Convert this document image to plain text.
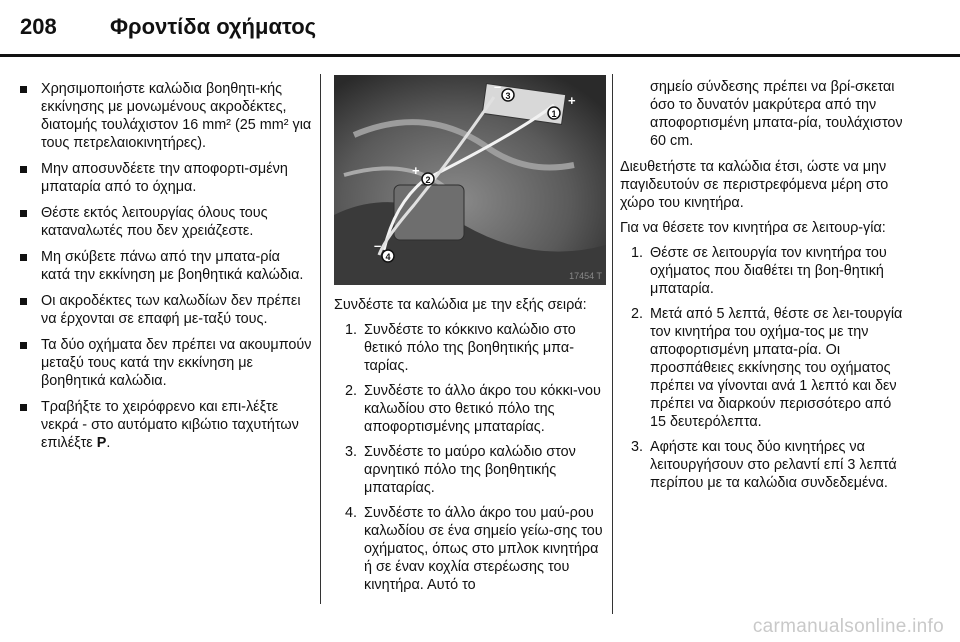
208	Φροντίδα οχήματος
Χρησιμοποιήστε καλώδια βοηθητι-κής εκκίνησης με μονωμένους ακροδέκτες, διατομής τουλάχιστον 16 mm² (25 mm² για τους πετρελαιοκινητήρες).
Μην αποσυνδέετε την αποφορτι-σμένη μπαταρία από το όχημα.
Θέστε εκτός λειτουργίας όλους τους καταναλωτές που δεν χρειάζεστε.
Μη σκύβετε πάνω από την μπατα-ρία κατά την εκκίνηση με βοηθητικά καλώδια.
Οι ακροδέκτες των καλωδίων δεν πρέπει να έρχονται σε επαφή με-ταξύ τους.
Τα δύο οχήματα δεν πρέπει να ακουμπούν μεταξύ τους κατά την εκκίνηση με βοηθητικά καλώδια.
Τραβήξτε το χειρόφρενο και επι-λέξτε νεκρά - στο αυτόματο κιβώτιο ταχυτήτων επιλέξτε P.
3
1
2
4
+
+
–
–
17454 T

Συνδέστε τα καλώδια με την εξής σειρά:

1. Συνδέστε το κόκκινο καλώδιο στο θετικό πόλο της βοηθητικής μπα-ταρίας.
2. Συνδέστε το άλλο άκρο του κόκκι-νου καλωδίου στο θετικό πόλο της αποφορτισμένης μπαταρίας.
3. Συνδέστε το μαύρο καλώδιο στον αρνητικό πόλο της βοηθητικής μπαταρίας.
4. Συνδέστε το άλλο άκρο του μαύ-ρου καλωδίου σε ένα σημείο γείω-σης του οχήματος, όπως στο μπλοκ κινητήρα ή σε έναν κοχλία στερέωσης του κινητήρα. Αυτό το
σημείο σύνδεσης πρέπει να βρί-σκεται όσο το δυνατόν μακρύτερα από την αποφορτισμένη μπατα-ρία, τουλάχιστον 60 cm.

Διευθετήστε τα καλώδια έτσι, ώστε να μην παγιδευτούν σε περιστρεφόμενα μέρη στο χώρο του κινητήρα.

Για να θέσετε τον κινητήρα σε λειτουρ-γία:

1. Θέστε σε λειτουργία τον κινητήρα του οχήματος που διαθέτει τη βοη-θητική μπαταρία.
2. Μετά από 5 λεπτά, θέστε σε λει-τουργία τον κινητήρα του οχήμα-τος με την αποφορτισμένη μπατα-ρία. Οι προσπάθειες εκκίνησης του οχήματος πρέπει να γίνονται ανά 1 λεπτό και δεν πρέπει να διαρκούν περισσότερο από 15 δευτερόλεπτα.
3. Αφήστε και τους δύο κινητήρες να λειτουργήσουν στο ρελαντί επί 3 λεπτά περίπου με τα καλώδια συνδεδεμένα.
carmanualsonline.info
